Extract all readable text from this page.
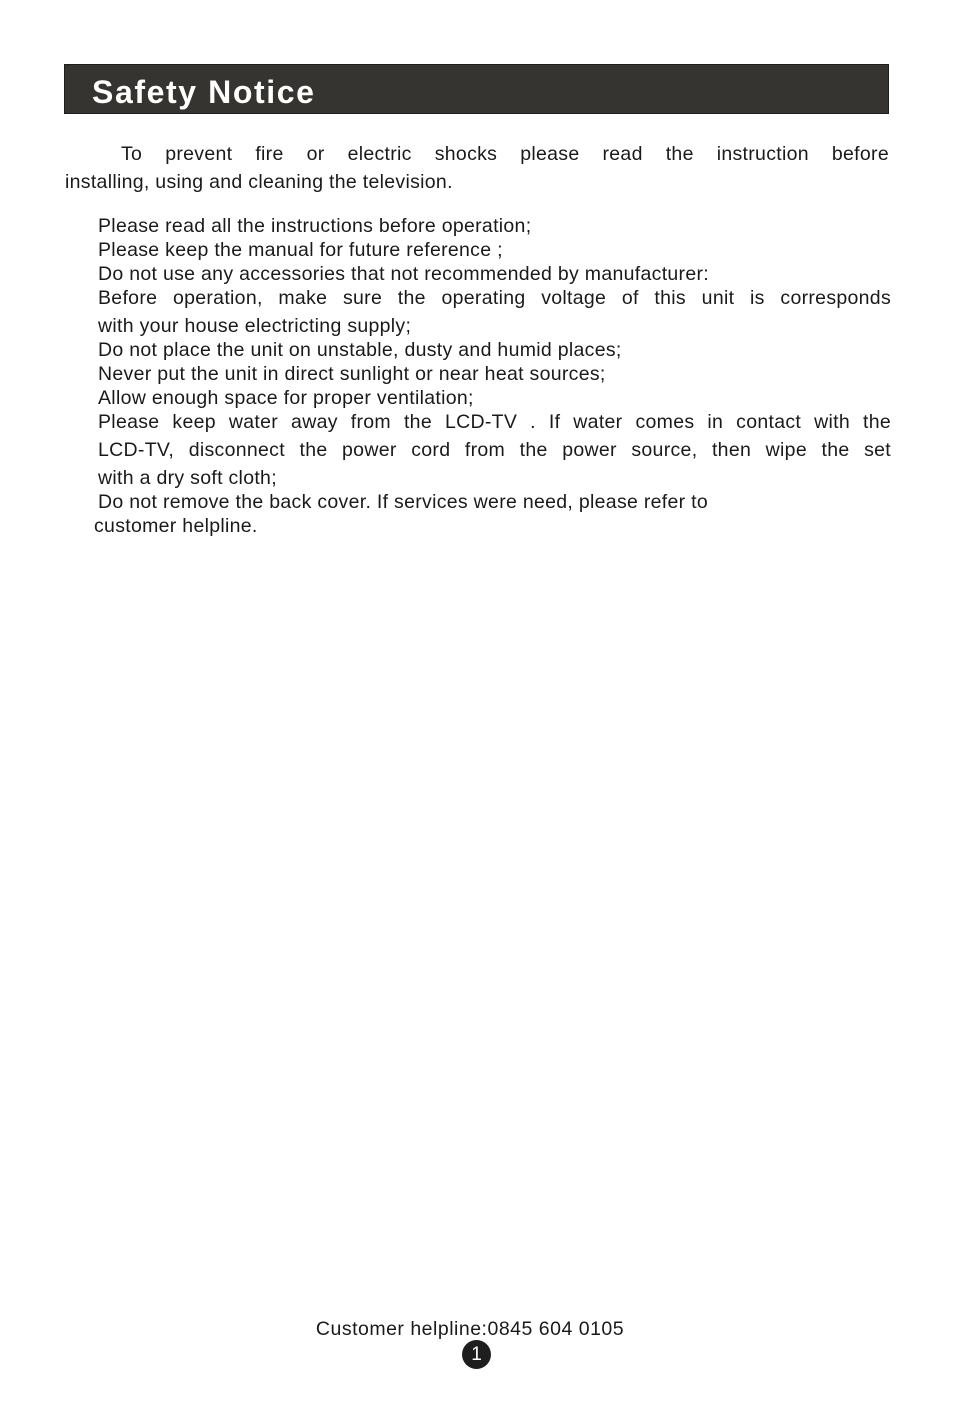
Safety Notice
To prevent fire or electric shocks please read the instruction before
installing, using and cleaning the television.
Please read all the instructions before operation;
Please keep the manual for future reference ;
Do not use any accessories that not recommended by manufacturer:
Before operation, make sure the operating voltage of this unit is corresponds
with your house electricting supply;
Do not place the unit on unstable, dusty and humid places;
Never put the unit in direct sunlight or near heat sources;
Allow enough space for proper ventilation;
Please keep water away from the LCD-TV . If water comes in contact with the
LCD-TV, disconnect the power cord from the power source, then wipe the set
with a dry soft cloth;
Do not remove the back cover. If services were need, please refer to
customer helpline.
Customer helpline:0845 604 0105
1
